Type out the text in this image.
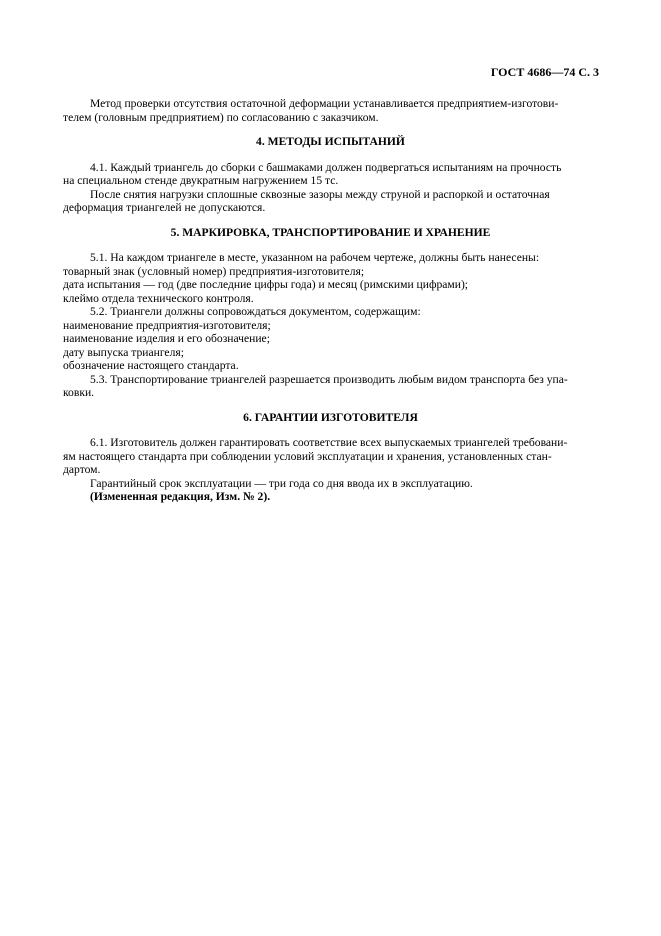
ГОСТ 4686—74 С. 3

Метод проверки отсутствия остаточной деформации устанавливается предприятием-изготови-

телем (головным предприятием) по согласованию с заказчиком.

4. МЕТОДЫ ИСПЫТАНИЙ

4.1. Каждый триангель до сборки с башмаками должен подвергаться испытаниям на прочность

на специальном стенде двукратным нагружением 15 тс.

После снятия нагрузки сплошные сквозные зазоры между струной и распоркой и остаточная

деформация триангелей не допускаются.

5. МАРКИРОВКА, ТРАНСПОРТИРОВАНИЕ И ХРАНЕНИЕ

5.1. На каждом триангеле в месте, указанном на рабочем чертеже, должны быть нанесены:

товарный знак (условный номер) предприятия-изготовителя;

дата испытания — год (две последние цифры года) и месяц (римскими цифрами);

клеймо отдела технического контроля.

5.2. Триангели должны сопровождаться документом, содержащим:

наименование предприятия-изготовителя;

наименование изделия и его обозначение;

дату выпуска триангеля;

обозначение настоящего стандарта.

5.3. Транспортирование триангелей разрешается производить любым видом транспорта без упа-

ковки.

6. ГАРАНТИИ ИЗГОТОВИТЕЛЯ

6.1. Изготовитель должен гарантировать соответствие всех выпускаемых триангелей требовани-

ям настоящего стандарта при соблюдении условий эксплуатации и хранения, установленных стан-

дартом.

Гарантийный срок эксплуатации — три года со дня ввода их в эксплуатацию.

(Измененная редакция, Изм. № 2).
